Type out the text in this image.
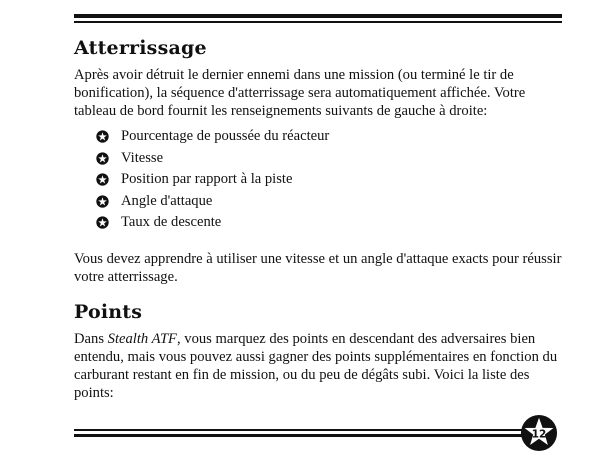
Atterrissage

Après avoir détruit le dernier ennemi dans une mission (ou terminé le tir de bonification), la séquence d'atterrissage sera automatiquement affichée. Votre tableau de bord fournit les renseignements suivants de gauche à droite:

Pourcentage de poussée du réacteur
Vitesse
Position par rapport à la piste
Angle d'attaque
Taux de descente

Vous devez apprendre à utiliser une vitesse et un angle d'attaque exacts pour réussir votre atterrissage.

Points

Dans Stealth ATF, vous marquez des points en descendant des adversaires bien entendu, mais vous pouvez aussi gagner des points supplémentaires en fonction du carburant restant en fin de mission, ou du peu de dégâts subi. Voici la liste des points:

12
